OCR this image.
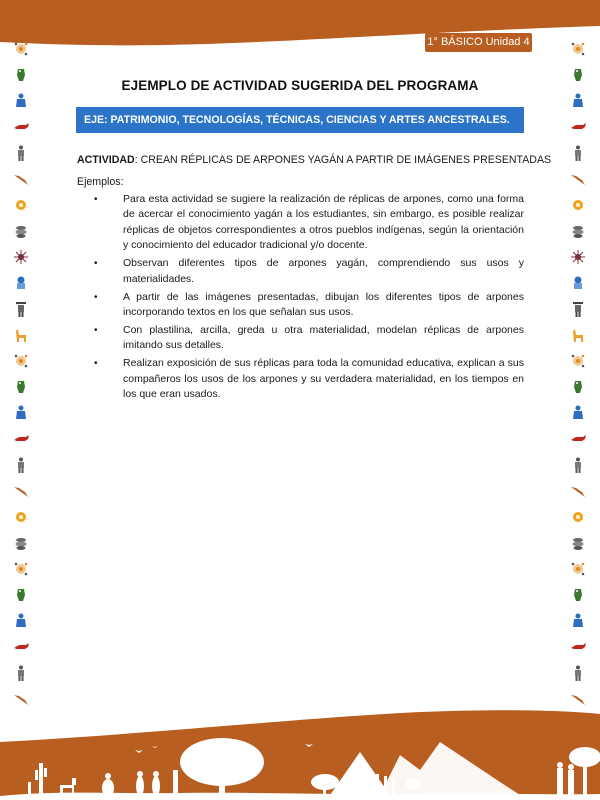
1° BÁSICO Unidad 4
EJEMPLO DE ACTIVIDAD SUGERIDA DEL PROGRAMA
EJE: PATRIMONIO, TECNOLOGÍAS, TÉCNICAS, CIENCIAS Y ARTES ANCESTRALES.
ACTIVIDAD: CREAN RÉPLICAS DE ARPONES YAGÁN A PARTIR DE IMÁGENES PRESENTADAS
Ejemplos:
• Para esta actividad se sugiere la realización de réplicas de arpones, como una forma de acercar el conocimiento yagán a los estudiantes, sin embargo, es posible realizar réplicas de objetos correspondientes a otros pueblos indígenas, según la orientación y conocimiento del educador tradicional y/o docente.
• Observan diferentes tipos de arpones yagán, comprendiendo sus usos y materialidades.
• A partir de las imágenes presentadas, dibujan los diferentes tipos de arpones incorporando textos en los que señalan sus usos.
• Con plastilina, arcilla, greda u otra materialidad, modelan réplicas de arpones imitando sus detalles.
• Realizan exposición de sus réplicas para toda la comunidad educativa, explican a sus compañeros los usos de los arpones y su verdadera materialidad, en los tiempos en los que eran usados.
